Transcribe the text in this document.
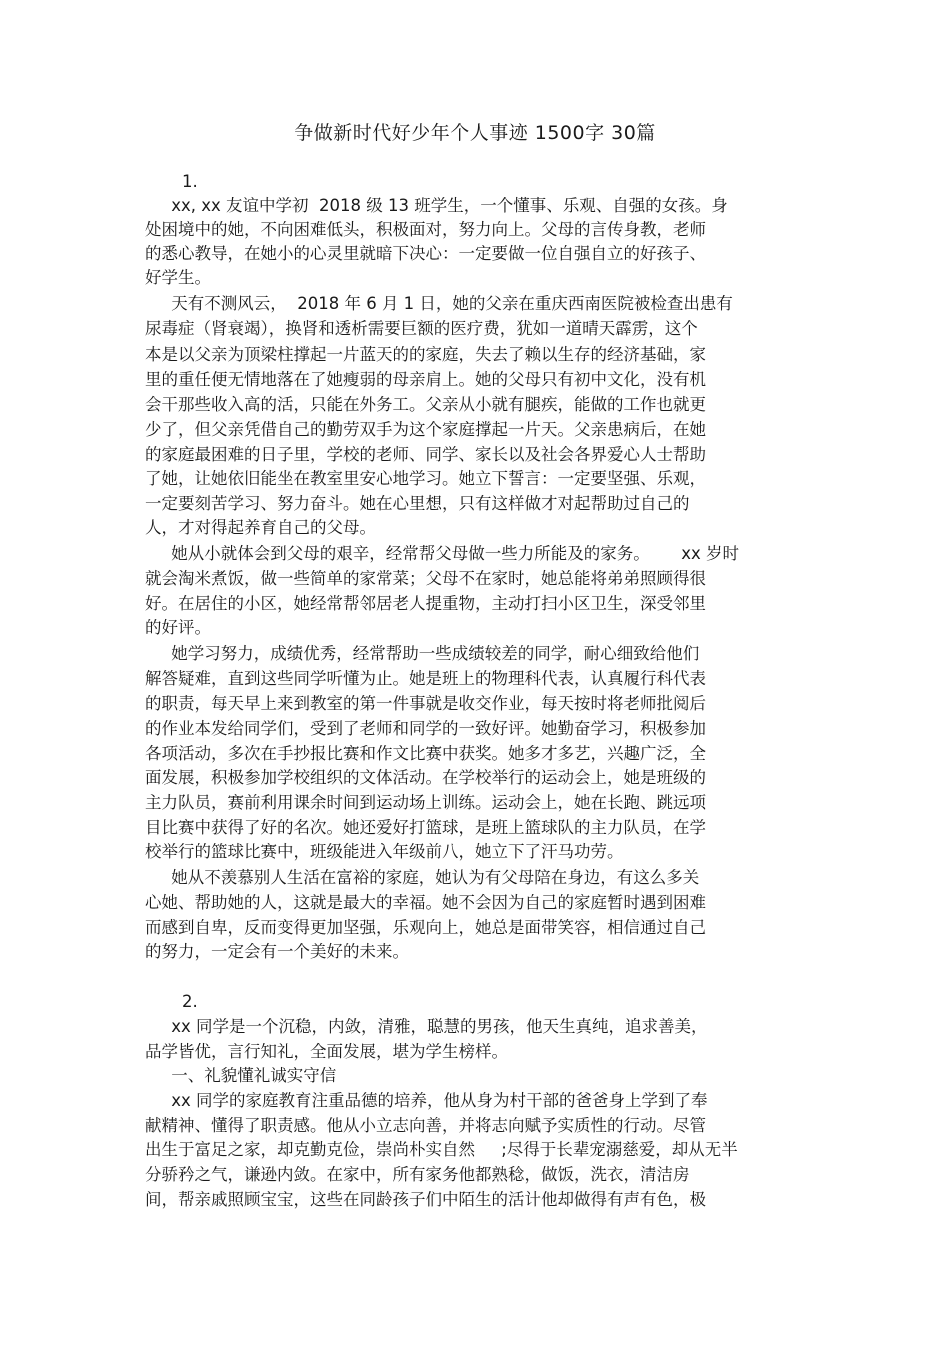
争做新时代好少年个人事迹 1500字 30篇
1.
xx, xx 友谊中学初  2018 级 13 班学生，一个懂事、乐观、自强的女孩。身
处困境中的她，不向困难低头，积极面对，努力向上。父母的言传身教，老师
的悉心教导，在她小的心灵里就暗下决心：一定要做一位自强自立的好孩子、
好学生。
天有不测风云，  2018 年 6 月 1 日，她的父亲在重庆西南医院被检查出患有
尿毒症（肾衰竭），换肾和透析需要巨额的医疗费，犹如一道晴天霹雳，这个
本是以父亲为顶梁柱撑起一片蓝天的的家庭，失去了赖以生存的经济基础，家
里的重任便无情地落在了她瘦弱的母亲肩上。她的父母只有初中文化，没有机
会干那些收入高的活，只能在外务工。父亲从小就有腿疾，能做的工作也就更
少了，但父亲凭借自己的勤劳双手为这个家庭撑起一片天。父亲患病后，在她
的家庭最困难的日子里，学校的老师、同学、家长以及社会各界爱心人士帮助
了她，让她依旧能坐在教室里安心地学习。她立下誓言：一定要坚强、乐观，
一定要刻苦学习、努力奋斗。她在心里想，只有这样做才对起帮助过自己的
人，才对得起养育自己的父母。
她从小就体会到父母的艰辛，经常帮父母做一些力所能及的家务。      xx 岁时
就会淘米煮饭，做一些简单的家常菜；父母不在家时，她总能将弟弟照顾得很
好。在居住的小区，她经常帮邻居老人提重物，主动打扫小区卫生，深受邻里
的好评。
她学习努力，成绩优秀，经常帮助一些成绩较差的同学，耐心细致给他们
解答疑难，直到这些同学听懂为止。她是班上的物理科代表，认真履行科代表
的职责，每天早上来到教室的第一件事就是收交作业，每天按时将老师批阅后
的作业本发给同学们，受到了老师和同学的一致好评。她勤奋学习，积极参加
各项活动，多次在手抄报比赛和作文比赛中获奖。她多才多艺，兴趣广泛，全
面发展，积极参加学校组织的文体活动。在学校举行的运动会上，她是班级的
主力队员，赛前利用课余时间到运动场上训练。运动会上，她在长跑、跳远项
目比赛中获得了好的名次。她还爱好打篮球，是班上篮球队的主力队员，在学
校举行的篮球比赛中，班级能进入年级前八，她立下了汗马功劳。
她从不羡慕别人生活在富裕的家庭，她认为有父母陪在身边，有这么多关
心她、帮助她的人，这就是最大的幸福。她不会因为自己的家庭暂时遇到困难
而感到自卑，反而变得更加坚强，乐观向上，她总是面带笑容，相信通过自己
的努力，一定会有一个美好的未来。
2.
xx 同学是一个沉稳，内敛，清雅，聪慧的男孩，他天生真纯，追求善美，
品学皆优，言行知礼，全面发展，堪为学生榜样。
一、礼貌懂礼诚实守信
xx 同学的家庭教育注重品德的培养，他从身为村干部的爸爸身上学到了奉
献精神、懂得了职责感。他从小立志向善，并将志向赋予实质性的行动。尽管
出生于富足之家，却克勤克俭，崇尚朴实自然     ;尽得于长辈宠溺慈爱，却从无半
分骄矜之气，谦逊内敛。在家中，所有家务他都熟稔，做饭，洗衣，清洁房
间，帮亲戚照顾宝宝，这些在同龄孩子们中陌生的活计他却做得有声有色，极
